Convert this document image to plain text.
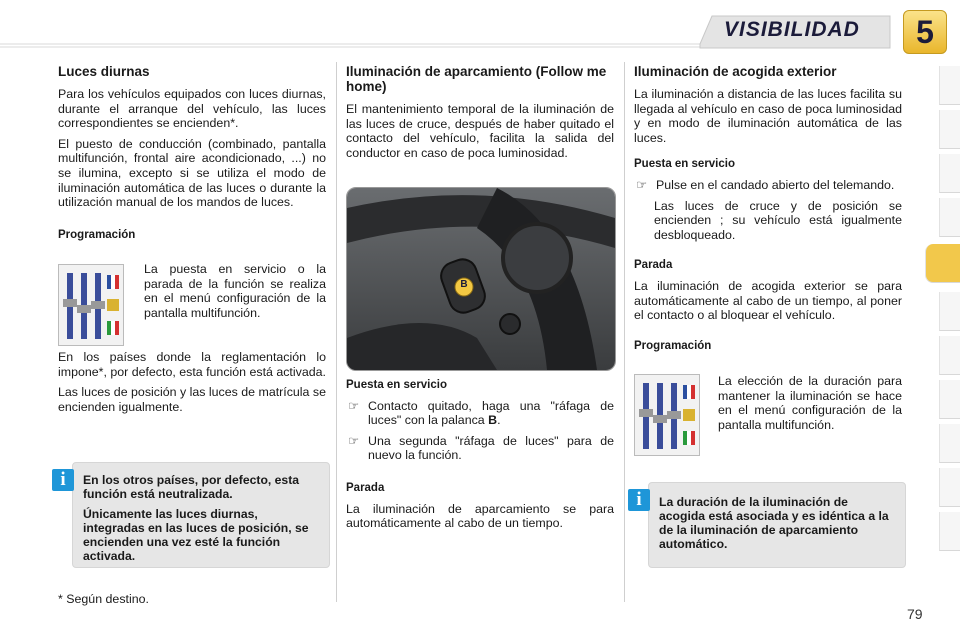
VISIBILIDAD	5
Luces diurnas

Para los vehículos equipados con luces diurnas, durante el arranque del vehículo, las luces correspondientes se encienden*.

El puesto de conducción (combinado, pantalla multifunción, frontal aire acondicionado, ...) no se ilumina, excepto si se utiliza el modo de iluminación automática de las luces o durante la utilización manual de los mandos de luces.

Programación

La puesta en servicio o la parada de la función se realiza en el menú configuración de la pantalla multifunción.

En los países donde la reglamentación lo impone*, por defecto, esta función está activada.

Las luces de posición y las luces de matrícula se encienden igualmente.

En los otros países, por defecto, esta función está neutralizada.

Únicamente las luces diurnas, integradas en las luces de posición, se encienden una vez esté la función activada.

i
* Según destino.
Iluminación de aparcamiento (Follow me home)

El mantenimiento temporal de la iluminación de las luces de cruce, después de haber quitado el contacto del vehículo, facilita la salida del conductor en caso de poca luminosidad.

B
Puesta en servicio
☞ Contacto quitado, haga una "ráfaga de luces" con la palanca B.
☞ Una segunda "ráfaga de luces" para de nuevo la función.
Parada

La iluminación de aparcamiento se para automáticamente al cabo de un tiempo.

Iluminación de acogida exterior

La iluminación a distancia de las luces facilita su llegada al vehículo en caso de poca luminosidad y en modo de iluminación automática de las luces.

Puesta en servicio
☞ Pulse en el candado abierto del telemando.

Las luces de cruce y de posición se encienden ; su vehículo está igualmente desbloqueado.

Parada

La iluminación de acogida exterior se para automáticamente al cabo de un tiempo, al poner el contacto o al bloquear el vehículo.

Programación

La elección de la duración para mantener la iluminación se hace en el menú configuración de la pantalla multifunción.

La duración de la iluminación de acogida está asociada y es idéntica a la de la iluminación de aparcamiento automático.

i
79
